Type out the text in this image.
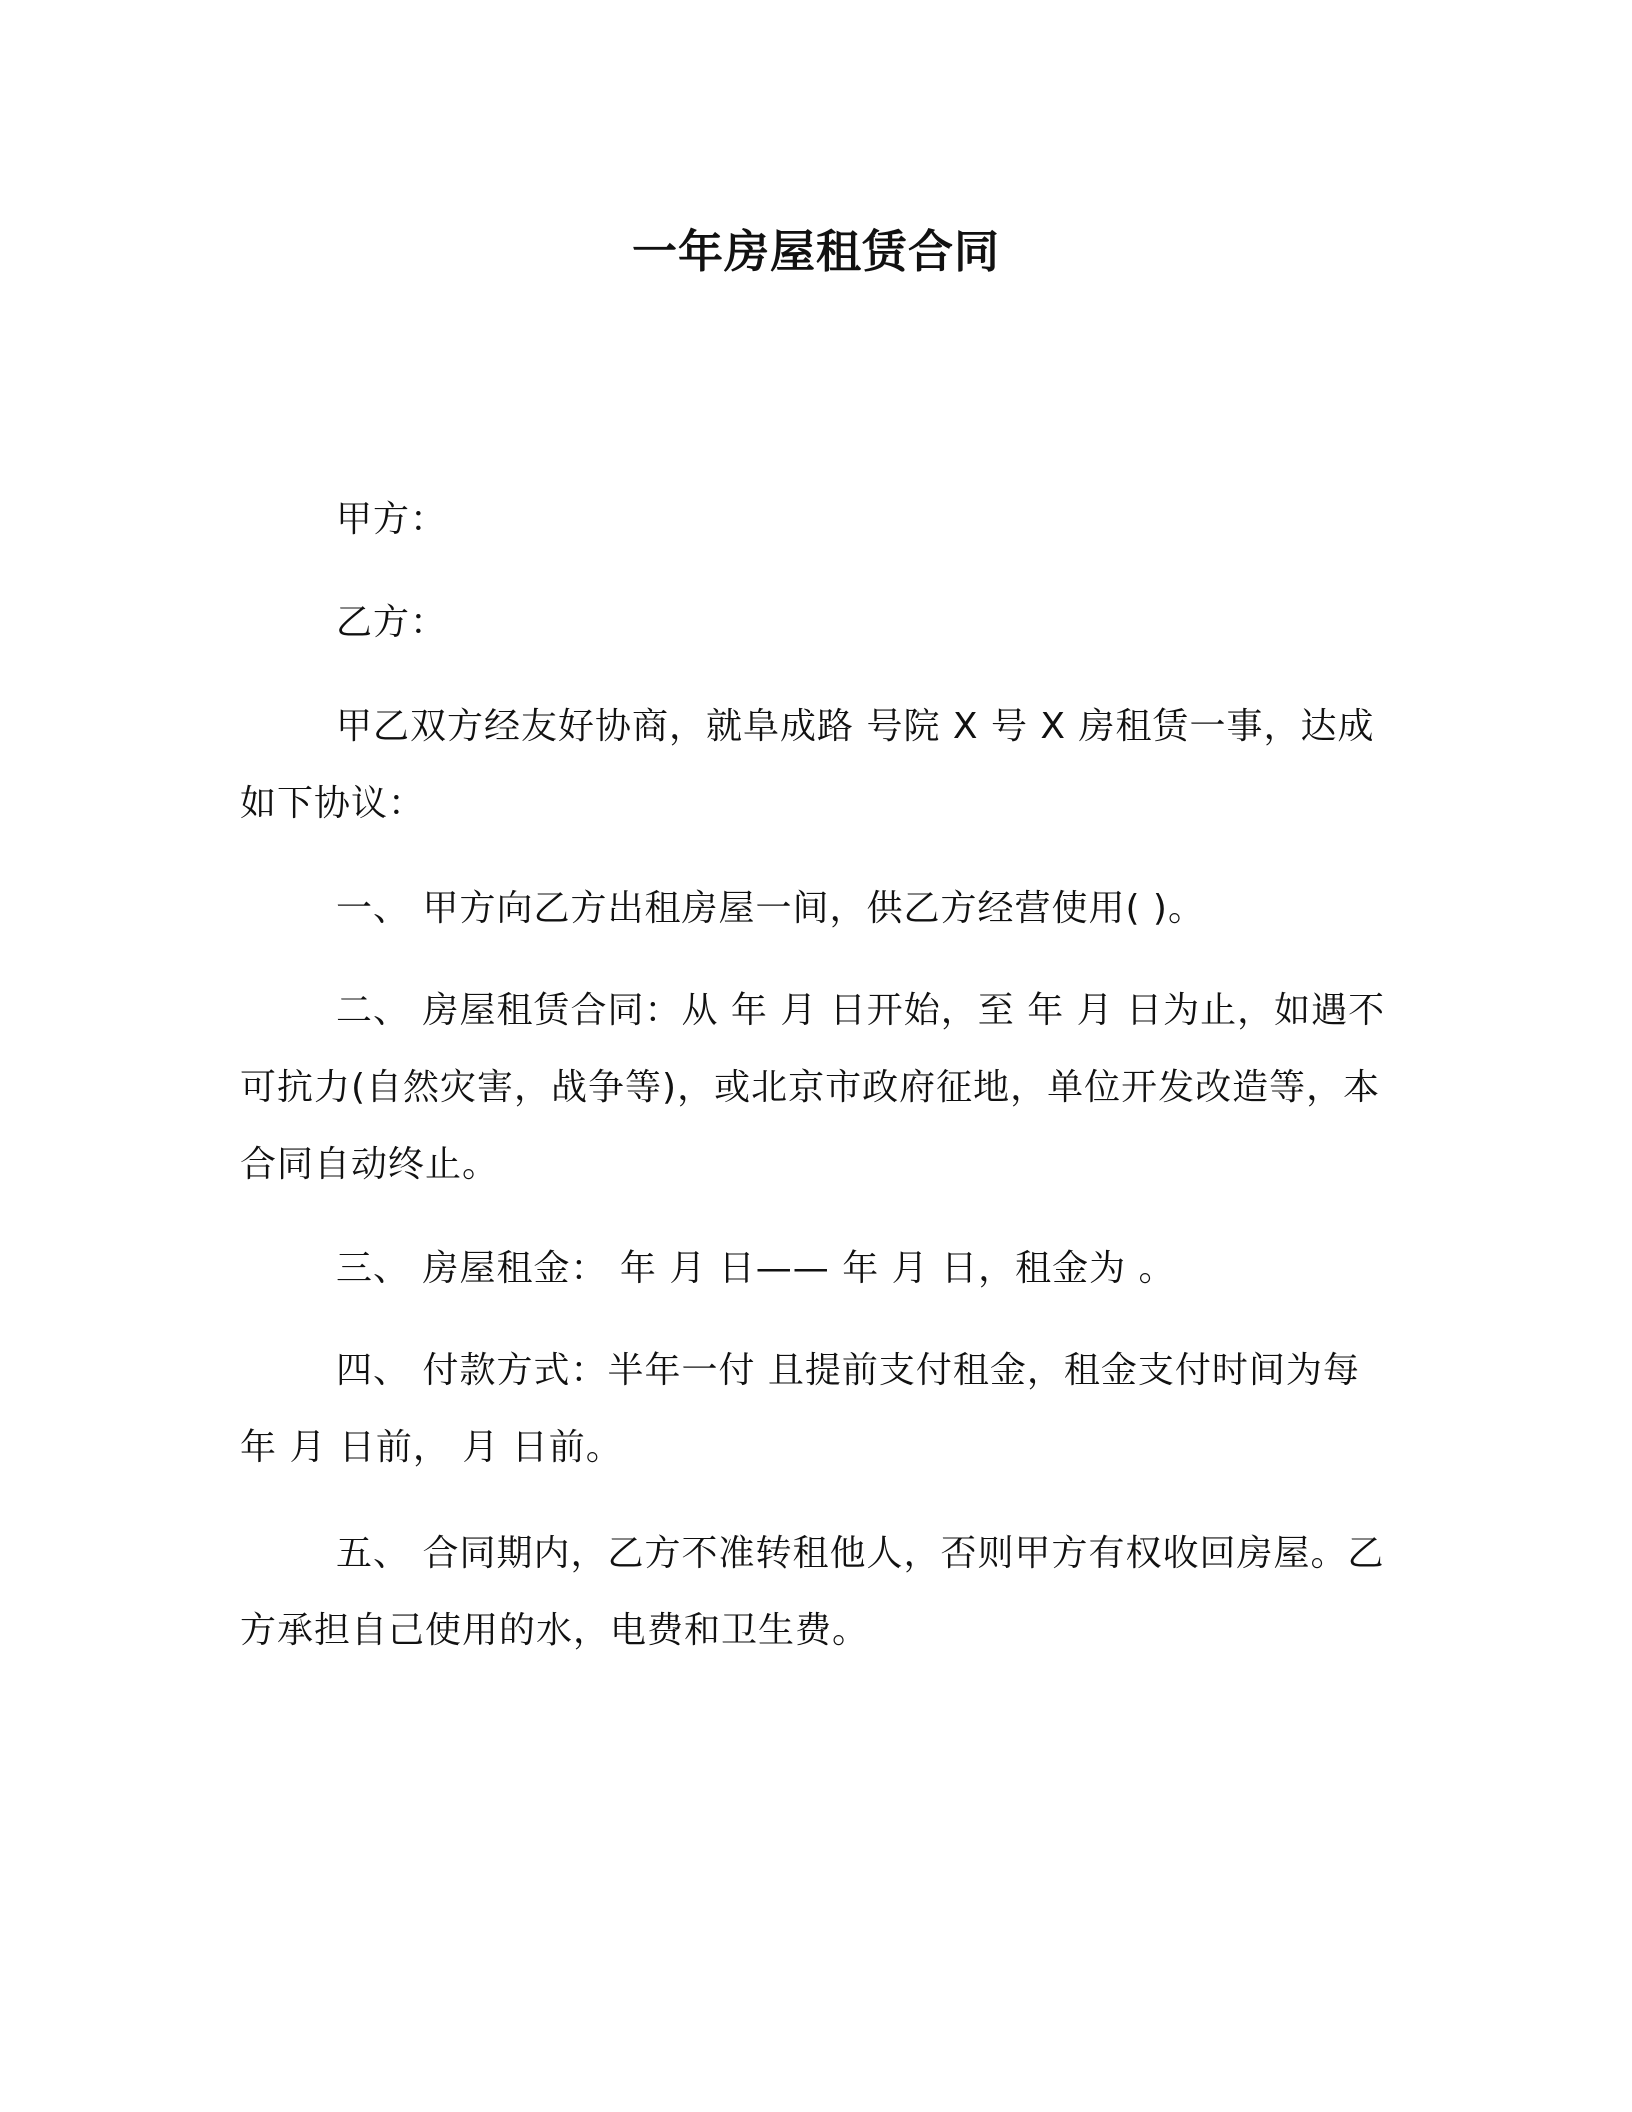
一年房屋租赁合同
甲方：
乙方：

甲乙双方经友好协商，就阜成路 号院 X 号 X 房租赁一事，达成如下协议：

一、 甲方向乙方出租房屋一间，供乙方经营使用( )。

二、 房屋租赁合同：从 年 月 日开始，至 年 月 日为止，如遇不可抗力(自然灾害，战争等)，或北京市政府征地，单位开发改造等，本合同自动终止。

三、 房屋租金： 年 月 日—— 年 月 日，租金为 。

四、 付款方式：半年一付 且提前支付租金，租金支付时间为每年 月 日前， 月 日前。

五、 合同期内，乙方不准转租他人，否则甲方有权收回房屋。乙方承担自己使用的水，电费和卫生费。
